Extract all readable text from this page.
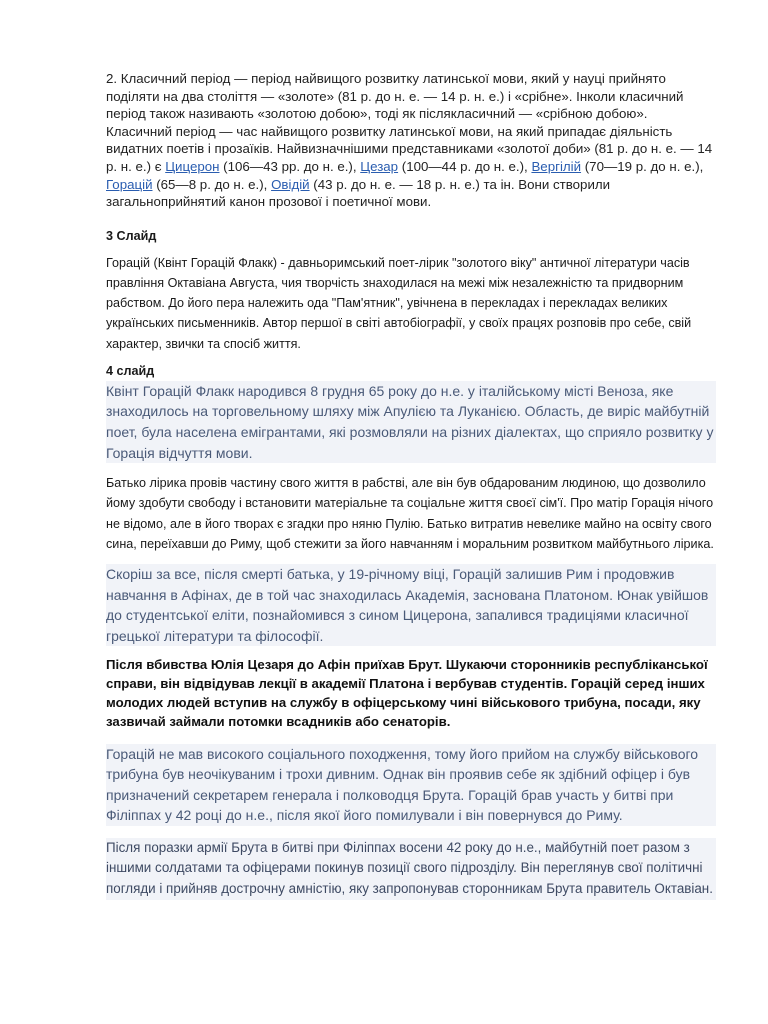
2. Класичний період — період найвищого розвитку латинської мови, який у науці прийнято поділяти на два століття — «золоте» (81 р. до н. е. — 14 р. н. е.) і «срібне». Інколи класичний період також називають «золотою добою», тоді як післякласичний — «срібною добою». Класичний період — час найвищого розвитку латинської мови, на який припадає діяльність видатних поетів і прозаїків. Найвизначнішими представниками «золотої доби» (81 р. до н. е. — 14 р. н. е.) є Цицерон (106—43 рр. до н. е.), Цезар (100—44 р. до н. е.), Вергілій (70—19 р. до н. е.), Горацій (65—8 р. до н. е.), Овідій (43 р. до н. е. — 18 р. н. е.) та ін. Вони створили загальноприйнятий канон прозової і поетичної мови.

3 Слайд

Горацій (Квінт Горацій Флакк) - давньоримський поет-лірик "золотого віку" античної літератури часів правління Октавіана Августа, чия творчість знаходилася на межі між незалежністю та придворним рабством. До його пера належить ода "Пам'ятник", увічнена в перекладах і перекладах великих українських письменників. Автор першої в світі автобіографії, у своїх працях розповів про себе, свій характер, звички та спосіб життя.

4 слайд

Квінт Горацій Флакк народився 8 грудня 65 року до н.е. у італійському місті Веноза, яке знаходилось на торговельному шляху між Апулією та Луканією. Область, де виріс майбутній поет, була населена емігрантами, які розмовляли на різних діалектах, що сприяло розвитку у Горація відчуття мови.

Батько лірика провів частину свого життя в рабстві, але він був обдарованим людиною, що дозволило йому здобути свободу і встановити матеріальне та соціальне життя своєї сім'ї. Про матір Горація нічого не відомо, але в його творах є згадки про няню Пулію. Батько витратив невелике майно на освіту свого сина, переїхавши до Риму, щоб стежити за його навчанням і моральним розвитком майбутнього лірика.

Скоріш за все, після смерті батька, у 19-річному віці, Горацій залишив Рим і продовжив навчання в Афінах, де в той час знаходилась Академія, заснована Платоном. Юнак увійшов до студентської еліти, познайомився з сином Цицерона, запалився традиціями класичної грецької літератури та філософії.

Після вбивства Юлія Цезаря до Афін приїхав Брут. Шукаючи сторонників республіканської справи, він відвідував лекції в академії Платона і вербував студентів. Горацій серед інших молодих людей вступив на службу в офіцерському чині військового трибуна, посади, яку зазвичай займали потомки всадників або сенаторів.

Горацій не мав високого соціального походження, тому його прийом на службу військового трибуна був неочікуваним і трохи дивним. Однак він проявив себе як здібний офіцер і був призначений секретарем генерала і полководця Брута. Горацій брав участь у битві при Філіппах у 42 році до н.е., після якої його помилували і він повернувся до Риму.

Після поразки армії Брута в битві при Філіппах восени 42 року до н.е., майбутній поет разом з іншими солдатами та офіцерами покинув позиції свого підрозділу. Він переглянув свої політичні погляди і прийняв дострочну амністію, яку запропонував сторонникам Брута правитель Октавіан.
